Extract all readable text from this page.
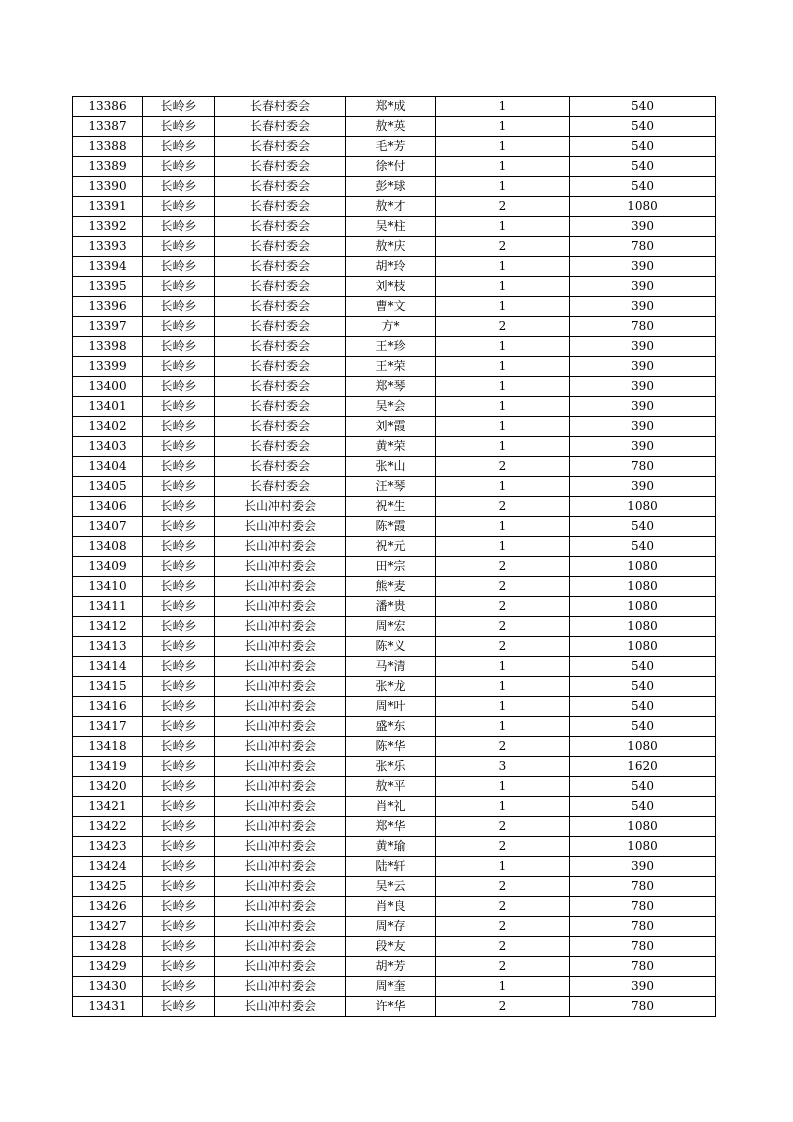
13386	长岭乡	长春村委会	郑*成	1	540
13387	长岭乡	长春村委会	敖*英	1	540
13388	长岭乡	长春村委会	毛*芳	1	540
13389	长岭乡	长春村委会	徐*付	1	540
13390	长岭乡	长春村委会	彭*球	1	540
13391	长岭乡	长春村委会	敖*才	2	1080
13392	长岭乡	长春村委会	吴*柱	1	390
13393	长岭乡	长春村委会	敖*庆	2	780
13394	长岭乡	长春村委会	胡*玲	1	390
13395	长岭乡	长春村委会	刘*枝	1	390
13396	长岭乡	长春村委会	曹*文	1	390
13397	长岭乡	长春村委会	方*	2	780
13398	长岭乡	长春村委会	王*珍	1	390
13399	长岭乡	长春村委会	王*荣	1	390
13400	长岭乡	长春村委会	郑*琴	1	390
13401	长岭乡	长春村委会	吴*会	1	390
13402	长岭乡	长春村委会	刘*霞	1	390
13403	长岭乡	长春村委会	黄*荣	1	390
13404	长岭乡	长春村委会	张*山	2	780
13405	长岭乡	长春村委会	汪*琴	1	390
13406	长岭乡	长山冲村委会	祝*生	2	1080
13407	长岭乡	长山冲村委会	陈*霞	1	540
13408	长岭乡	长山冲村委会	祝*元	1	540
13409	长岭乡	长山冲村委会	田*宗	2	1080
13410	长岭乡	长山冲村委会	熊*麦	2	1080
13411	长岭乡	长山冲村委会	潘*贵	2	1080
13412	长岭乡	长山冲村委会	周*宏	2	1080
13413	长岭乡	长山冲村委会	陈*义	2	1080
13414	长岭乡	长山冲村委会	马*清	1	540
13415	长岭乡	长山冲村委会	张*龙	1	540
13416	长岭乡	长山冲村委会	周*叶	1	540
13417	长岭乡	长山冲村委会	盛*东	1	540
13418	长岭乡	长山冲村委会	陈*华	2	1080
13419	长岭乡	长山冲村委会	张*乐	3	1620
13420	长岭乡	长山冲村委会	敖*平	1	540
13421	长岭乡	长山冲村委会	肖*礼	1	540
13422	长岭乡	长山冲村委会	郑*华	2	1080
13423	长岭乡	长山冲村委会	黄*瑜	2	1080
13424	长岭乡	长山冲村委会	陆*轩	1	390
13425	长岭乡	长山冲村委会	吴*云	2	780
13426	长岭乡	长山冲村委会	肖*良	2	780
13427	长岭乡	长山冲村委会	周*存	2	780
13428	长岭乡	长山冲村委会	段*友	2	780
13429	长岭乡	长山冲村委会	胡*芳	2	780
13430	长岭乡	长山冲村委会	周*奎	1	390
13431	长岭乡	长山冲村委会	许*华	2	780
